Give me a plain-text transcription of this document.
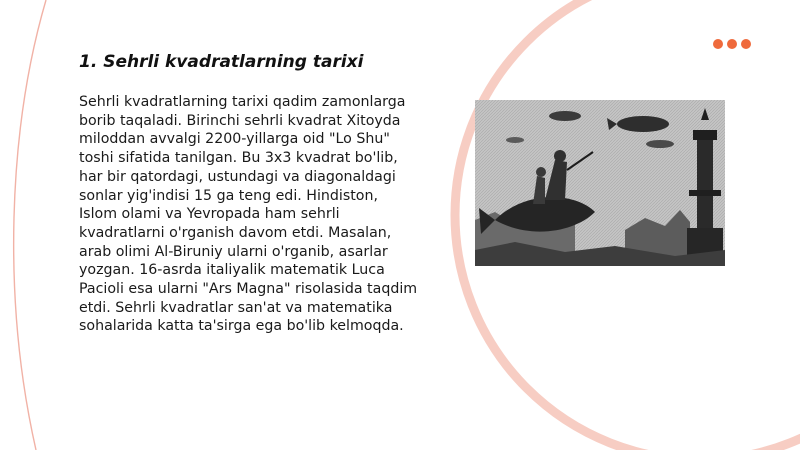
1. Sehrli kvadratlarning tarixi

Sehrli kvadratlarning tarixi qadim zamonlarga borib taqaladi. Birinchi sehrli kvadrat Xitoyda miloddan avvalgi 2200-yillarga oid "Lo Shu" toshi sifatida tanilgan. Bu 3x3 kvadrat bo'lib, har bir qatordagi, ustundagi va diagonaldagi sonlar yig'indisi 15 ga teng edi. Hindiston, Islom olami va Yevropada ham sehrli kvadratlarni o'rganish davom etdi. Masalan, arab olimi Al-Biruniy ularni o'rganib, asarlar yozgan. 16-asrda italiyalik matematik Luca Pacioli esa ularni "Ars Magna" risolasida taqdim etdi. Sehrli kvadratlar san'at va matematika sohalarida katta ta'sirga ega bo'lib kelmoqda.
